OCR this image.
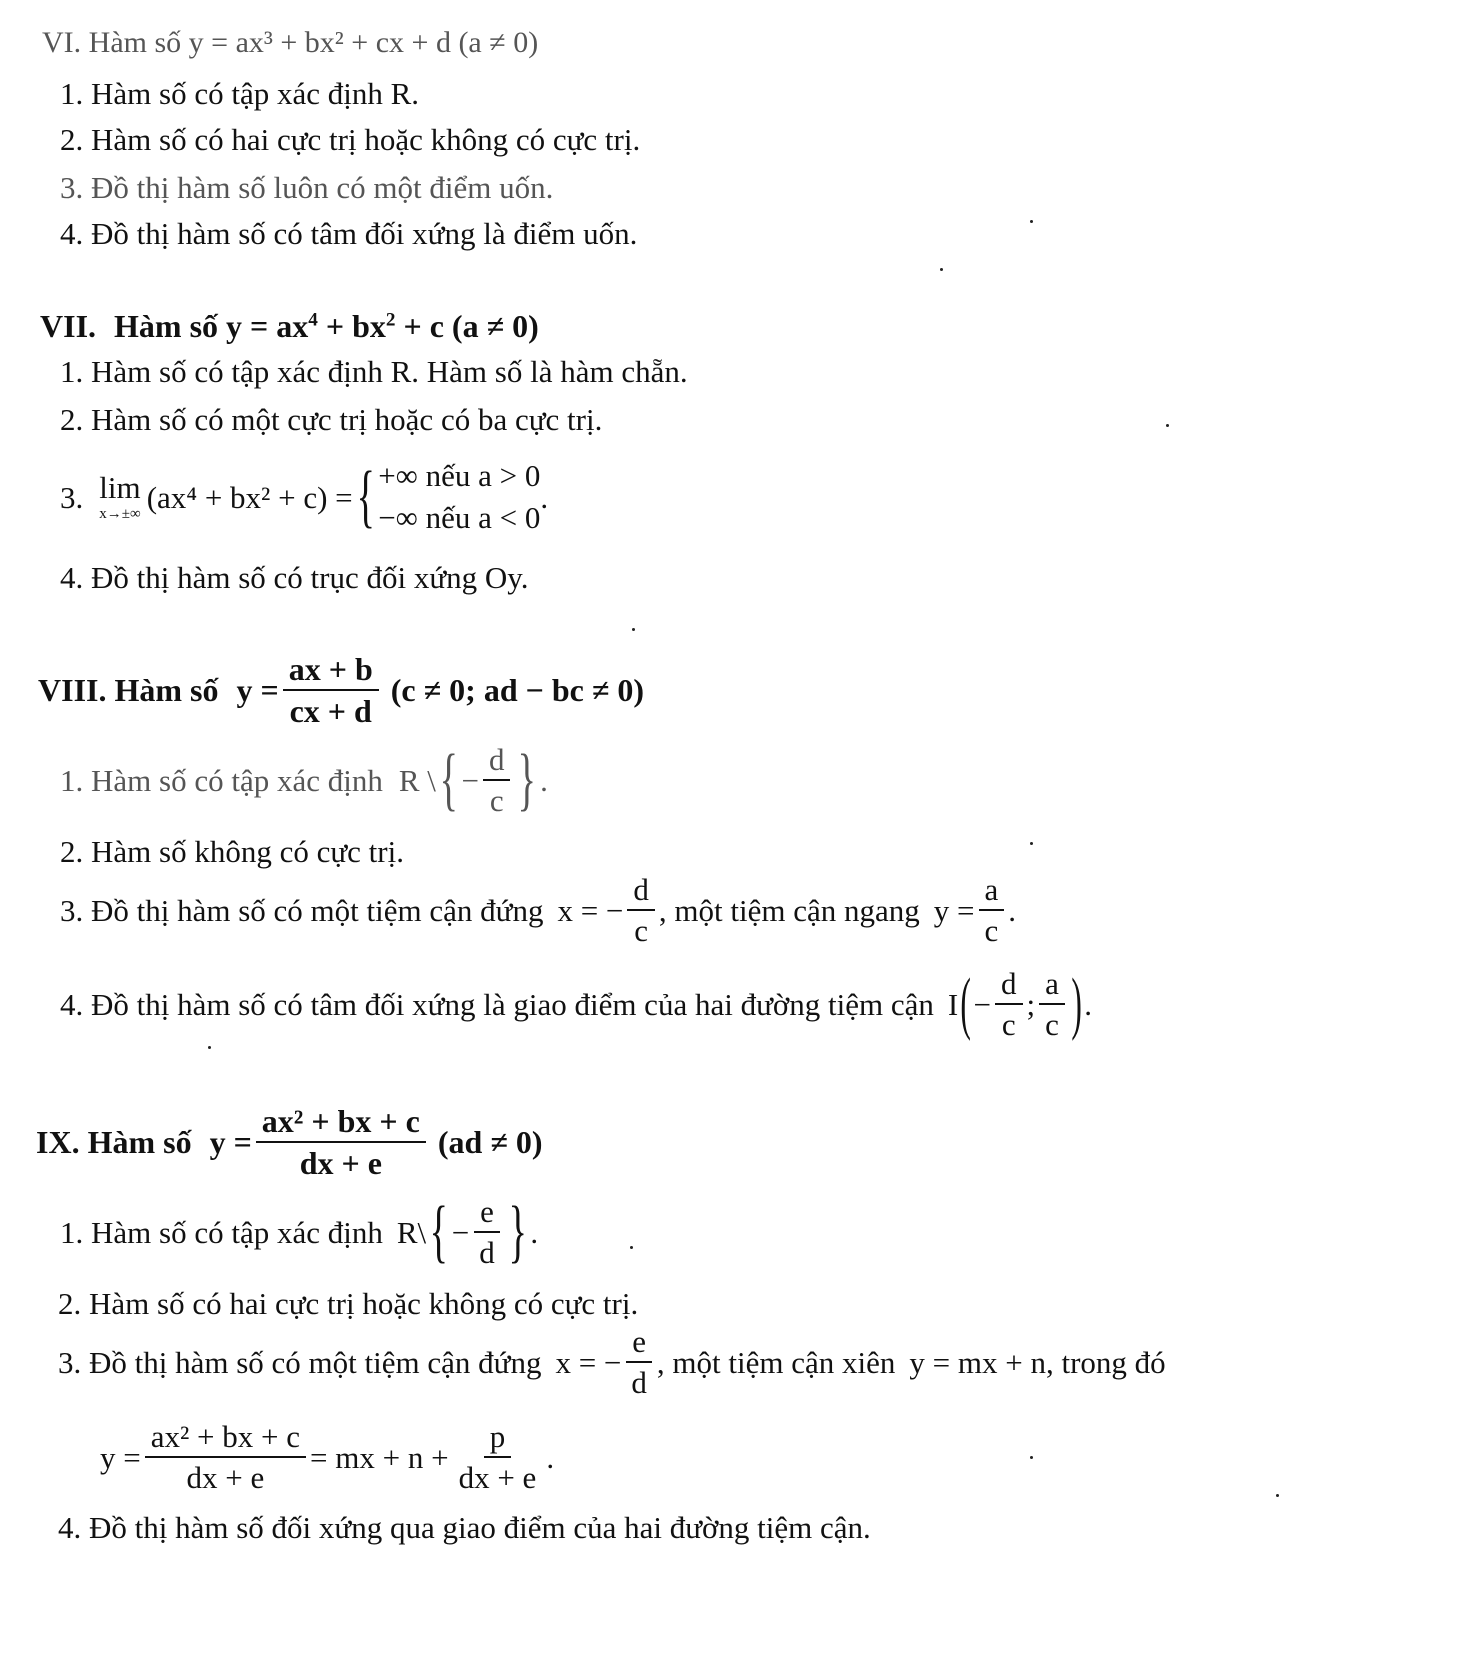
VI. Hàm số y = ax³ + bx² + cx + d (a ≠ 0)
1. Hàm số có tập xác định R.
2. Hàm số có hai cực trị hoặc không có cực trị.
3. Đồ thị hàm số luôn có một điểm uốn.
4. Đồ thị hàm số có tâm đối xứng là điểm uốn.
VII. Hàm số $y = ax^4 + bx^2 + c$ (a ≠ 0)
1. Hàm số có tập xác định R. Hàm số là hàm chẵn.
2. Hàm số có một cực trị hoặc có ba cực trị.
3. lim
x→±∞ (ax⁴ + bx² + c) = { +∞ nếu a > 0
−∞ nếu a < 0
.
4. Đồ thị hàm số có trục đối xứng Oy.
VIII. Hàm số $y = \frac{ax + b}{cx + d} (c \ne 0$; ad − bc ≠ 0)
1. Hàm số có tập xác định R \ { − $\frac{d}{c}$ } .
2. Hàm số không có cực trị.
3. Đồ thị hàm số có một tiệm cận đứng x = − $\frac{d}{c}$ , một tiệm cận ngang $y = \frac{a}{c}$ .
4. Đồ thị hàm số có tâm đối xứng là giao điểm của hai đường tiệm cận I ( − $\frac{d}{c}$ ; $\frac{a}{c}$ ) .
IX. Hàm số $y = \frac{\text{ax² + bx + c}}{dx + e} (ad \ne 0)$
1. Hàm số có tập xác định R\ { − $\frac{e}{d}$ } .
2. Hàm số có hai cực trị hoặc không có cực trị.
3. Đồ thị hàm số có một tiệm cận đứng x = − $\frac{e}{d}$ , một tiệm cận xiên y = mx + n , trong đó
$y = \frac{\text{ax² + bx + c}}{dx + e}$ = mx + $n + \frac{p}{dx + e}$ .
4. Đồ thị hàm số đối xứng qua giao điểm của hai đường tiệm cận.
